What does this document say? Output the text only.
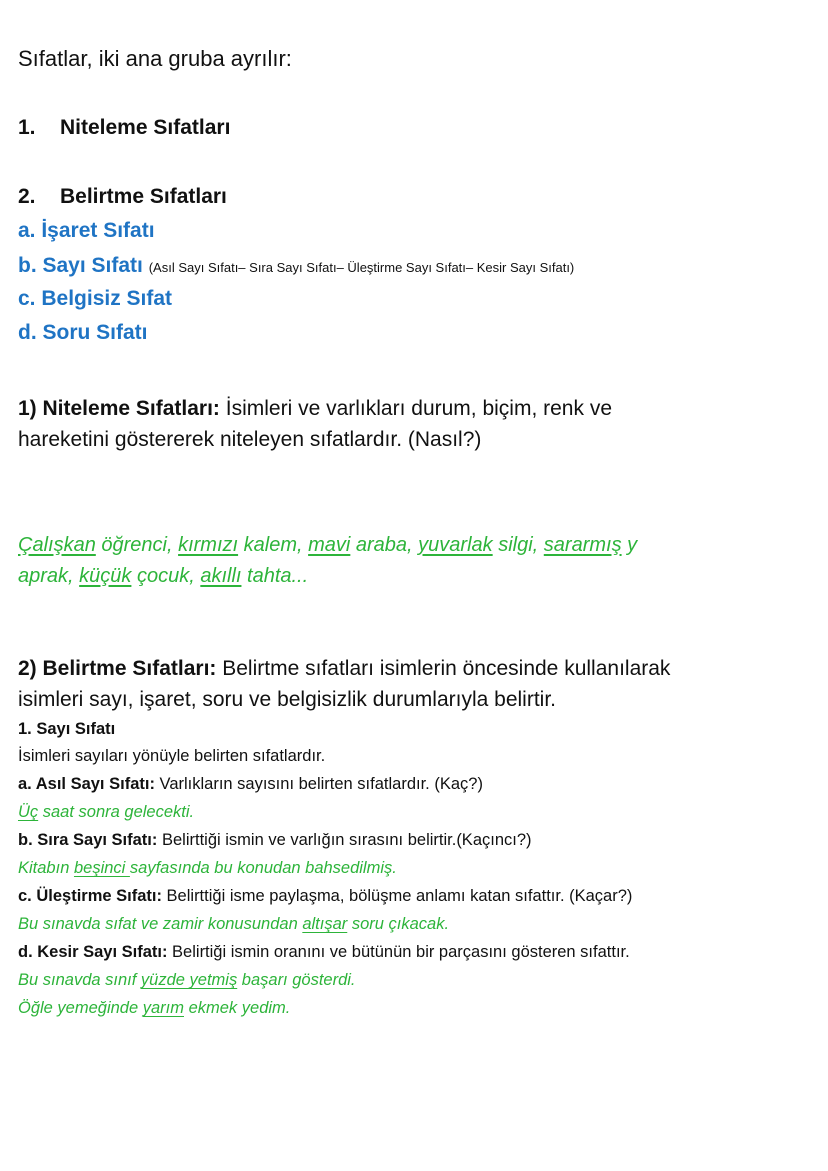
Sıfatlar, iki ana gruba ayrılır:
1. Niteleme Sıfatları
2. Belirtme Sıfatları
a. İşaret Sıfatı
b. Sayı Sıfatı (Asıl Sayı Sıfatı– Sıra Sayı Sıfatı– Üleştirme Sayı Sıfatı– Kesir Sayı Sıfatı)
c. Belgisiz Sıfat
d. Soru Sıfatı
1) Niteleme Sıfatları: İsimleri ve varlıkları durum, biçim, renk ve
hareketini göstererek niteleyen sıfatlardır. (Nasıl?)
Çalışkan öğrenci, kırmızı kalem, mavi araba, yuvarlak silgi, sararmış y
aprak, küçük çocuk, akıllı tahta...
2) Belirtme Sıfatları: Belirtme sıfatları isimlerin öncesinde kullanılarak
isimleri sayı, işaret, soru ve belgisizlik durumlarıyla belirtir.
1. Sayı Sıfatı
İsimleri sayıları yönüyle belirten sıfatlardır.
a. Asıl Sayı Sıfatı: Varlıkların sayısını belirten sıfatlardır. (Kaç?)
Üç saat sonra gelecekti.
b. Sıra Sayı Sıfatı: Belirttiği ismin ve varlığın sırasını belirtir.(Kaçıncı?)
Kitabın beşinci sayfasında bu konudan bahsedilmiş.
c. Üleştirme Sıfatı: Belirttiği isme paylaşma, bölüşme anlamı katan sıfattır. (Kaçar?)
Bu sınavda sıfat ve zamir konusundan altışar soru çıkacak.
d. Kesir Sayı Sıfatı: Belirtiği ismin oranını ve bütünün bir parçasını gösteren sıfattır.
Bu sınavda sınıf yüzde yetmiş başarı gösterdi.
Öğle yemeğinde yarım ekmek yedim.
